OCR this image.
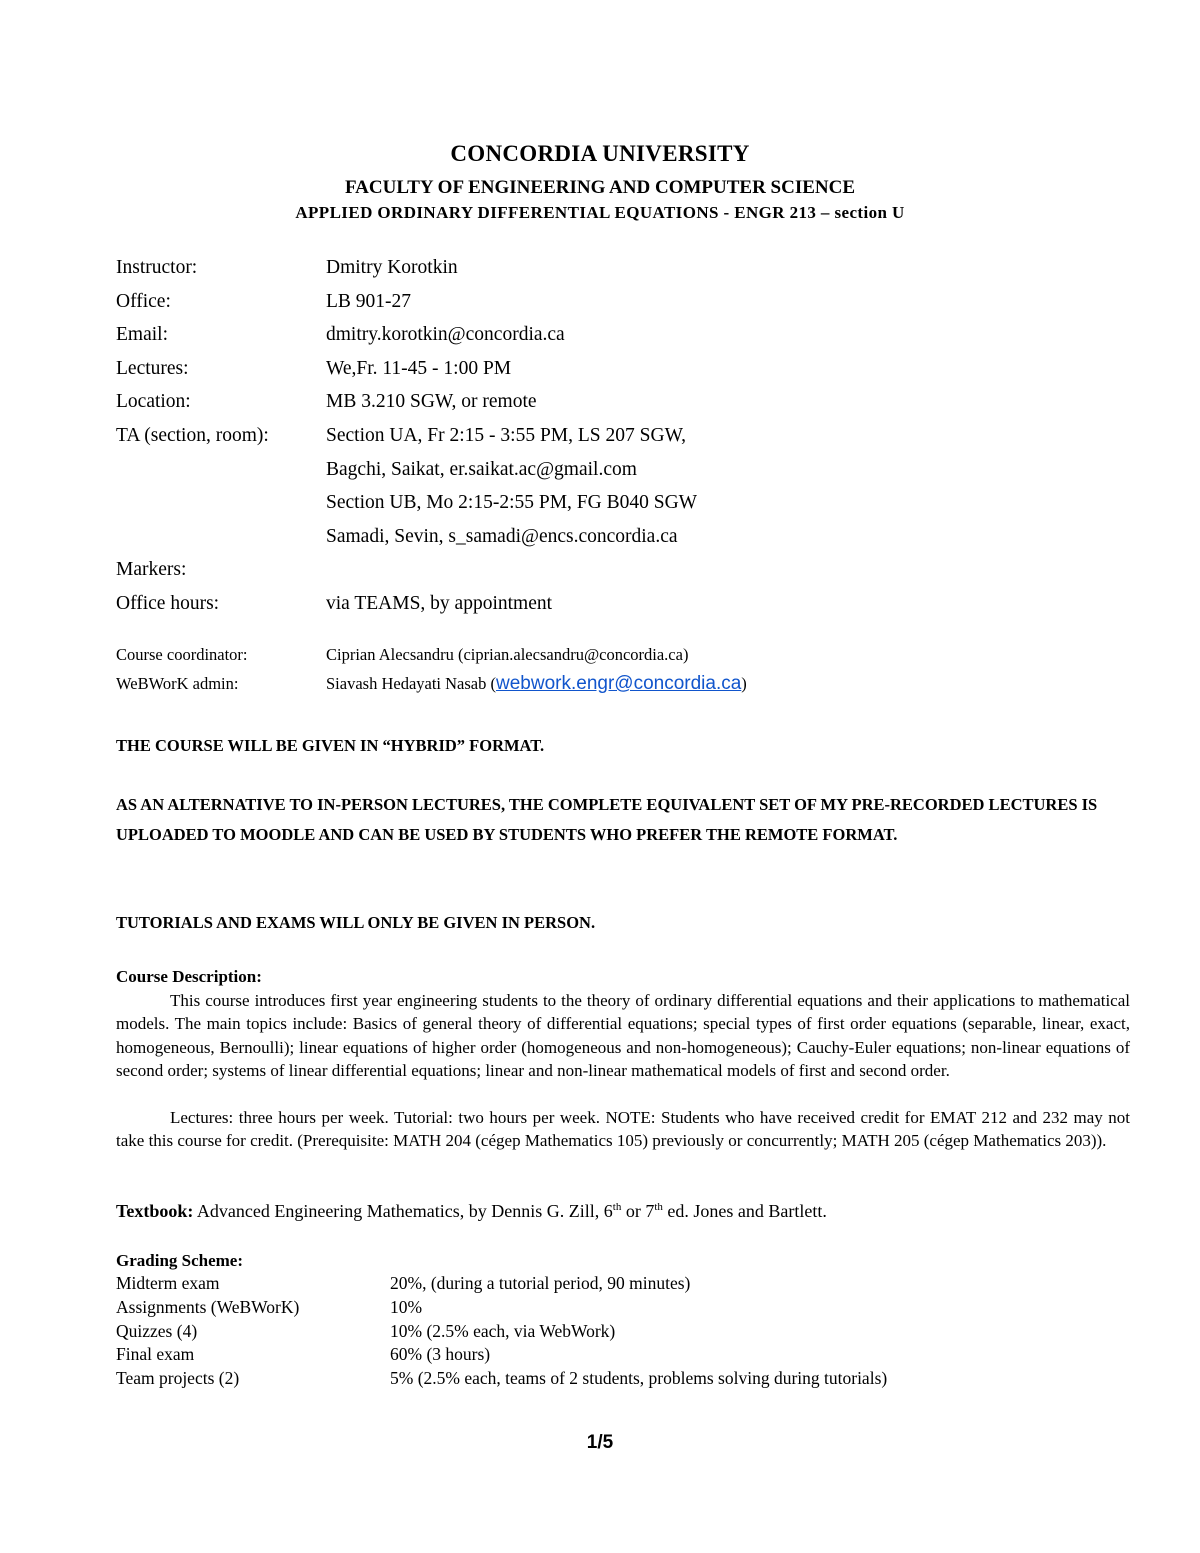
CONCORDIA UNIVERSITY
FACULTY OF ENGINEERING AND COMPUTER SCIENCE
APPLIED ORDINARY DIFFERENTIAL EQUATIONS - ENGR 213 – section U
Instructor:	Dmitry Korotkin
Office:	LB 901-27
Email:	dmitry.korotkin@concordia.ca
Lectures:	We,Fr. 11-45 - 1:00 PM
Location:	MB 3.210 SGW, or remote
TA (section, room):	Section UA, Fr 2:15 - 3:55 PM, LS 207 SGW,
Bagchi, Saikat, er.saikat.ac@gmail.com
Section UB, Mo 2:15-2:55 PM, FG B040 SGW
Samadi, Sevin, s_samadi@encs.concordia.ca
Markers:
Office hours:	via TEAMS, by appointment
Course coordinator:	Ciprian Alecsandru (ciprian.alecsandru@concordia.ca)
WeBWorK admin:	Siavash Hedayati Nasab (webwork.engr@concordia.ca)
THE COURSE WILL BE GIVEN IN “HYBRID” FORMAT.
AS AN ALTERNATIVE TO IN-PERSON LECTURES, THE COMPLETE EQUIVALENT SET OF MY PRE-RECORDED LECTURES IS UPLOADED TO MOODLE AND CAN BE USED BY STUDENTS WHO PREFER THE REMOTE FORMAT.
TUTORIALS AND EXAMS WILL ONLY BE GIVEN IN PERSON.
Course Description:
This course introduces first year engineering students to the theory of ordinary differential equations and their applications to mathematical models. The main topics include: Basics of general theory of differential equations; special types of first order equations (separable, linear, exact, homogeneous, Bernoulli); linear equations of higher order (homogeneous and non-homogeneous); Cauchy-Euler equations; non-linear equations of second order; systems of linear differential equations; linear and non-linear mathematical models of first and second order.
Lectures: three hours per week. Tutorial: two hours per week. NOTE: Students who have received credit for EMAT 212 and 232 may not take this course for credit. (Prerequisite: MATH 204 (cégep Mathematics 105) previously or concurrently; MATH 205 (cégep Mathematics 203)).
Textbook: Advanced Engineering Mathematics, by Dennis G. Zill, 6th or 7th ed. Jones and Bartlett.
Grading Scheme:
Midterm exam	20%, (during a tutorial period, 90 minutes)
Assignments (WeBWorK)	10%
Quizzes (4)	10% (2.5% each, via WebWork)
Final exam	60% (3 hours)
Team projects (2)	5% (2.5% each, teams of 2 students, problems solving during tutorials)
1/5
